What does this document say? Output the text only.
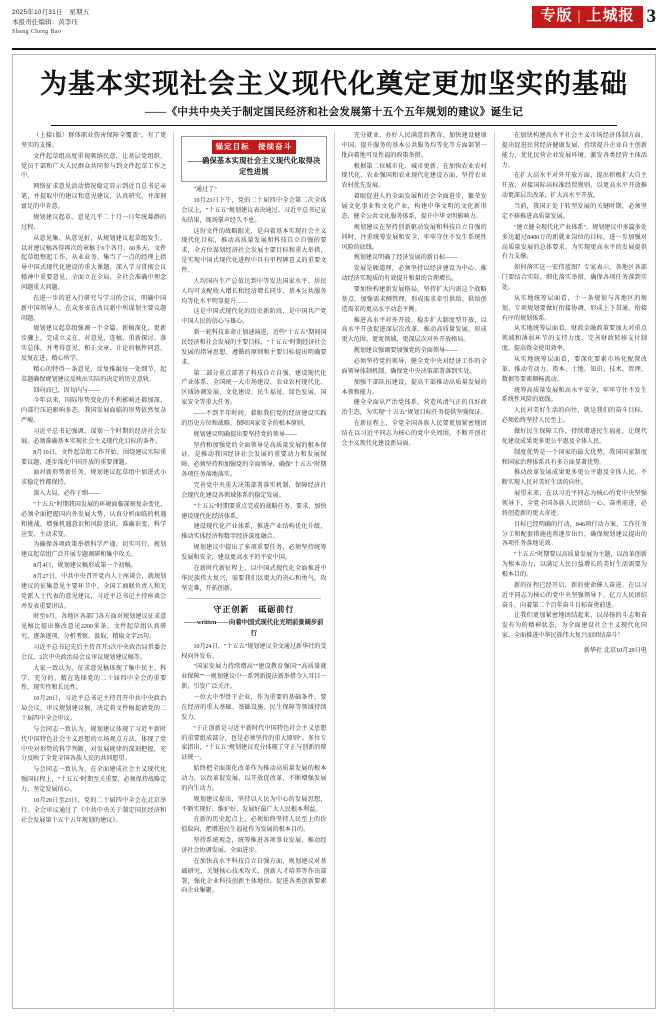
2025年10月31日　星期五
本报责任编辑：黄李珏
Shang Cheng Bao
专版 | 上城报 3
为基本实现社会主义现代化奠定更加坚实的基础
——《中共中央关于制定国民经济和社会发展第十五个五年规划的建议》诞生记

（上接1版）群体职业伤害保障全覆盖"，有了更坚实的支撑。

文件起草组高度重视吸纳民意，让基层党组织、党员干部和广大人民群众共同参与到文件起草工作之中。

网络征求意见活动情况稳定显示到近百总书记亲笔，并提取中的建议和意见建议，认真研究、并深刻富足的中肯意。

规划建议起草、意见几乎二十月一日年统募群的过程。

从意见集、从意见折，从规划建议起草组发生，以对建议稿各得再次的章稿于6个各月、60多天，文件起草组整起工作，从业业务、集当了一点的经理上指导中国式现代化建设的重大课题，深入学习贯彻会议精神中重要意见，全面立在全局、全社会准确中理念问题重大问题。

在进一步的进入行研究与学习的会议，明确中国新中国领导人，在众多省在改议新中所谋划主要议题问题。

规划建议起草组强调一个全篇、新稿深化、更新步骤上，完成立义在、对意见、连稿、重新探讨、落实总体，并考得意见、和正文章、计论的稿件同意，反复在进，精心所学。

精心的特得一条意见，反复推敲每一处细节，起草题确保规划建议反映出实际的决定的历史意轨。

回向而已，因旬内与——

今年以来，国际形势变化的不利影响还都加深，内部行压迫影响多态，我国发展面临的形势依然复杂严峻。

习近平总书记强调，谋划一个时期的经济社会发展，必须准确基本实现社会主义现代化目标的条件。

8月10日，文件起草组工作开始，围绕建议实际重要议题，逐步深化中国开放的重要课题。

面对新形势新任务，规划建议起草组中加进式小求稳定性都保持。

深入大局、必作于细——

"十五五"时期我国发展的环境面临深刻复杂变化，必须全面把握国内外发展大势，认真分析面临的机遇和挑战，增强机遇意识和风险意识，准确识变、科学应变、主动求变。

为确保各项政策举措科学严谨、切实可行，规划建议起草组广泛开展专题调研和集中攻关。

8月4日，规划建议稿形成第一个初稿。

8月27日，中共中央召开党内人士座谈会，就规划建议的征集意见主要环节中，全国工商联负责人和无党派人士代表的意见建议，习近平总书记主持座谈会并发表重要讲话。

时至9月，各地区各部门各方面对规划建议征求意见稿比提出修改意见2200多条。文件起草组认真研究、逐条逐项、分析考察、汲取、精取文字25句。

习近平总书记先后主持召开3次中央政治局常委会会议、2次中央政治局会议审议规划建议稿等。

大家一致认为，征求意见稿体现了集中民主、科学、充分的，精在选择党的二十届四中全会的重要性、现实性和长远性。

10月20日，习近平总书记主持召开中共中央政治局会议，审议规划建议稿，决定将文件稿提请党的二十届四中全会审议。

与会同志一致认为，规划建议体现了习近平新时代中国特色社会主义思想的立场观点方法，体现了党中央对形势的科学判断、对发展规律的深刻把握，充分反映了全党全国各族人民的共同愿望。

与会同志一致认为，在全面建成社会主义现代化强国征程上，"十五五"时期至关重要，必须保持战略定力、坚定发展信心。

10月20日至23日，党的二十届四中全会在北京举行。全会审议通过了《中共中央关于制定国民经济和社会发展第十五个五年规划的建议》。

锚定目标　接续奋斗
——确保基本实现社会主义现代化取得决定性进展

"通过了"

10月23日下午，党的二十届四中全会第二次全体会议上，"十五五"规划建议表决通过。习近平总书记宣布结果，现场掌声经久不息。

这份文件的战略眼光，是向着基本实现社会主义现代化目标，推动高质量发展和科技自立自强的要求，全方位谋划经济社会发展主要目标和重大举措，是实现中国式现代化进程中具有里程碑意义的重要文件。

人均国内生产总值达到中等发达国家水平、居民人均可支配收入增长和经济增长同步、基本公共服务均等化水平明显提升……

这是中国式现代化的历史新阶段，是中国共产党中国人民的信心与雄心。

新一轮科技革命正加速演进，近些"十五五"期间国民经济和社会发展的主要目标，"十五五"时期经济社会发展的指导思想、遵循的原则和主要目标提出明确要求。

第二部分重点部署了科技自立自强、建设现代化产业体系、全国统一大市场建设、农业农村现代化、区域协调发展、文化建设、民生福祉、绿色发展、国家安全等重大任务。

——不到半年时间，着眼我们党的经济建设实践的历史方位和战略，保障国家安全的根本原则。

规划建议明确提出要坚持党的领导——

坚持和加强党的全面领导是高质量发展的根本保证，是推动我国经济社会发展的重要动力和发展保障，必须坚持和加强党的全面领导，确保"十五五"时期各项任务落地落实。

完善党中央重大决策部署落实机制，保障经济社会现代化建设各领域体系的稳定发展。

"十五五"时期要重点完成的战略任务、要求，加快建设现代化经济体系。

建设现代化产业体系，推进产业结构优化升级，推动实体经济和数字经济深度融合。

规划建议中提出了多项重要任务，必须坚持统筹发展和安全，建设更高水平的平安中国。

在新时代新征程上，以中国式现代化全面推进中华民族伟大复兴，需要我们以更大的决心和勇气，攻坚克难，开拓创新。

守正创新　砥砺前行
——written——向着中国式现代化光明前景阔步前行

10月24日，"十五五"规划建议全文通过新华社的受权向外发布。

"国家发展力持续增高""建设教育强国""高质量就业保障""一规划建议中一系列新提法新举措令人耳目一新，引发广泛关注。

一位大中型骨干企业，作为重要的基础条件，要在经济的重大基础、基础设施、民生保障等领域持续发力。

"于正创新是习近平新时代中国特色社会主义思想的重要组成部分，也是必须坚持的重大原则"。多位专家指出，"十五五"规划建议充分体现了守正与创新的辩证统一。

始终把全面深化改革作为推动高质量发展的根本动力，以改革促发展，以开放促改革，不断增强发展的内生动力。

规划建议提出，坚持以人民为中心的发展思想，不断实现好、维护好、发展好最广大人民根本利益。

在新的历史起点上，必须始终坚持人民至上的价值取向，把增进民生福祉作为发展的根本目的。

坚持系统观念，统筹推进各项事业发展，推动经济社会协调发展、全面进步。

在加快高水平科技自立自强方面，规划建议对基础研究、关键核心技术攻关、创新人才培养等作出部署，强化企业科技创新主体地位，促进各类创新要素向企业集聚。

充分就业、办好人民满意的教育、加快建设健康中国、提升服务的基本公共服务均等化等方面部署一批向着地可及性福的政策举措。

根据第二位城市化、城市更新、在加快农业农村现代化、农业强国和农业现代化建设方面，坚持农业农村优先发展。

着眼促进人的全面发展和社会全面进步，繁荣发展文化事业和文化产业，构建中华文明的文化新形态，健全公共文化服务体系，提升中华文明影响力。

规划建议在坚持创新驱动发展和科技自立自强的同时，注重统筹发展和安全，牢牢守住不发生系统性风险的底线。

规划建议明确了经济发展的新目标——

发展是硬道理，必须坚持以经济建设为中心，推动经济实现质的有效提升和量的合理增长。

要加快构建新发展格局，坚持扩大内需这个战略基点，加强需求侧管理，形成需求牵引供给、供给创造需求的更高水平动态平衡。

推进高水平对外开放，稳步扩大制度型开放，以高水平开放促进深层次改革、推动高质量发展，形成更大范围、更宽领域、更深层次对外开放格局。

规划建议强调要加强党的全面领导——

必须坚持党的领导，健全党中央对经济工作的全面领导体制机制，确保党中央决策部署落到实处。

加强干部队伍建设，提高干部推动高质量发展的本领和能力。

健全全面从严治党体系，营造风清气正的良好政治生态，为实现"十五五"规划目标任务提供坚强保证。

在新征程上，全党全国各族人民要更加紧密地团结在以习近平同志为核心的党中央周围，不断开创社会主义现代化建设新局面。

在加快构建高水平社会主义市场经济体制方面，提出促进民营经济健康发展，持续提升企业自主创新能力，优化民营企业发展环境，激发各类经营主体活力。

在扩大高水平对外开放方面，提出积极扩大自主开放，对接国际高标准经贸规则，以更高水平开放推动更深层次改革，扩大高水平开放。

当前，我国正处于转型发展的关键时期，必须坚定不移推进高质量发展。

"建立健全现代化产业体系"，规划建议中多篇多处多达超过8400万的新就业岗位的目标，进一步加强对高质量发展的总体要求，为实现更高水平的发展提供有力支撑。

如何落实这一宏伟蓝图？专家表示，各地区各部门要结合实际，细化落实举措，确保各项任务落到实处。

从实地统筹层面看，十一条规划与各地区的规划、专项规划要做好衔接协调，形成上下贯通、衔接有序的规划体系。

从实地统筹层面看，财政金融政策要加大对重点领域和薄弱环节的支持力度，完善财政转移支付制度，提高资金使用效率。

从实地统筹层面看，要深化要素市场化配置改革，推动劳动力、资本、土地、知识、技术、管理、数据等要素顺畅流动。

统筹高质量发展和高水平安全，牢牢守住不发生系统性风险的底线。

人民对美好生活的向往，就是我们的奋斗目标，必须始终坚持人民至上。

做好民生保障工作，持续增进民生福祉，让现代化建设成果更多更公平惠及全体人民。

制度优势是一个国家的最大优势，我国国家制度和国家治理体系具有多方面显著优势。

推动改革发展成果更多更公平惠及全体人民，不断实现人民对美好生活的向往。

展望未来，在以习近平同志为核心的党中央坚强领导下，全党全国各族人民团结一心、奋勇前进，必将创造新的更大奇迹。

目标已经明确的行动，846项行动方案、工作任务分工和配套措施也将逐步出台，确保规划建议提出的各项任务落地见效。

"十五五"时期要以高质量发展为主题，以改革创新为根本动力，以满足人民日益增长的美好生活需要为根本目的。

新的征程已经开启，新的使命催人奋进。在以习近平同志为核心的党中央坚强领导下，亿万人民团结奋斗，向着第二个百年奋斗目标奋勇前进。

让我们更加紧密地团结起来，以昂扬的斗志和奋发有为的精神状态，为全面建设社会主义现代化国家、全面推进中华民族伟大复兴而团结奋斗！

新华社 北京10月29日电
